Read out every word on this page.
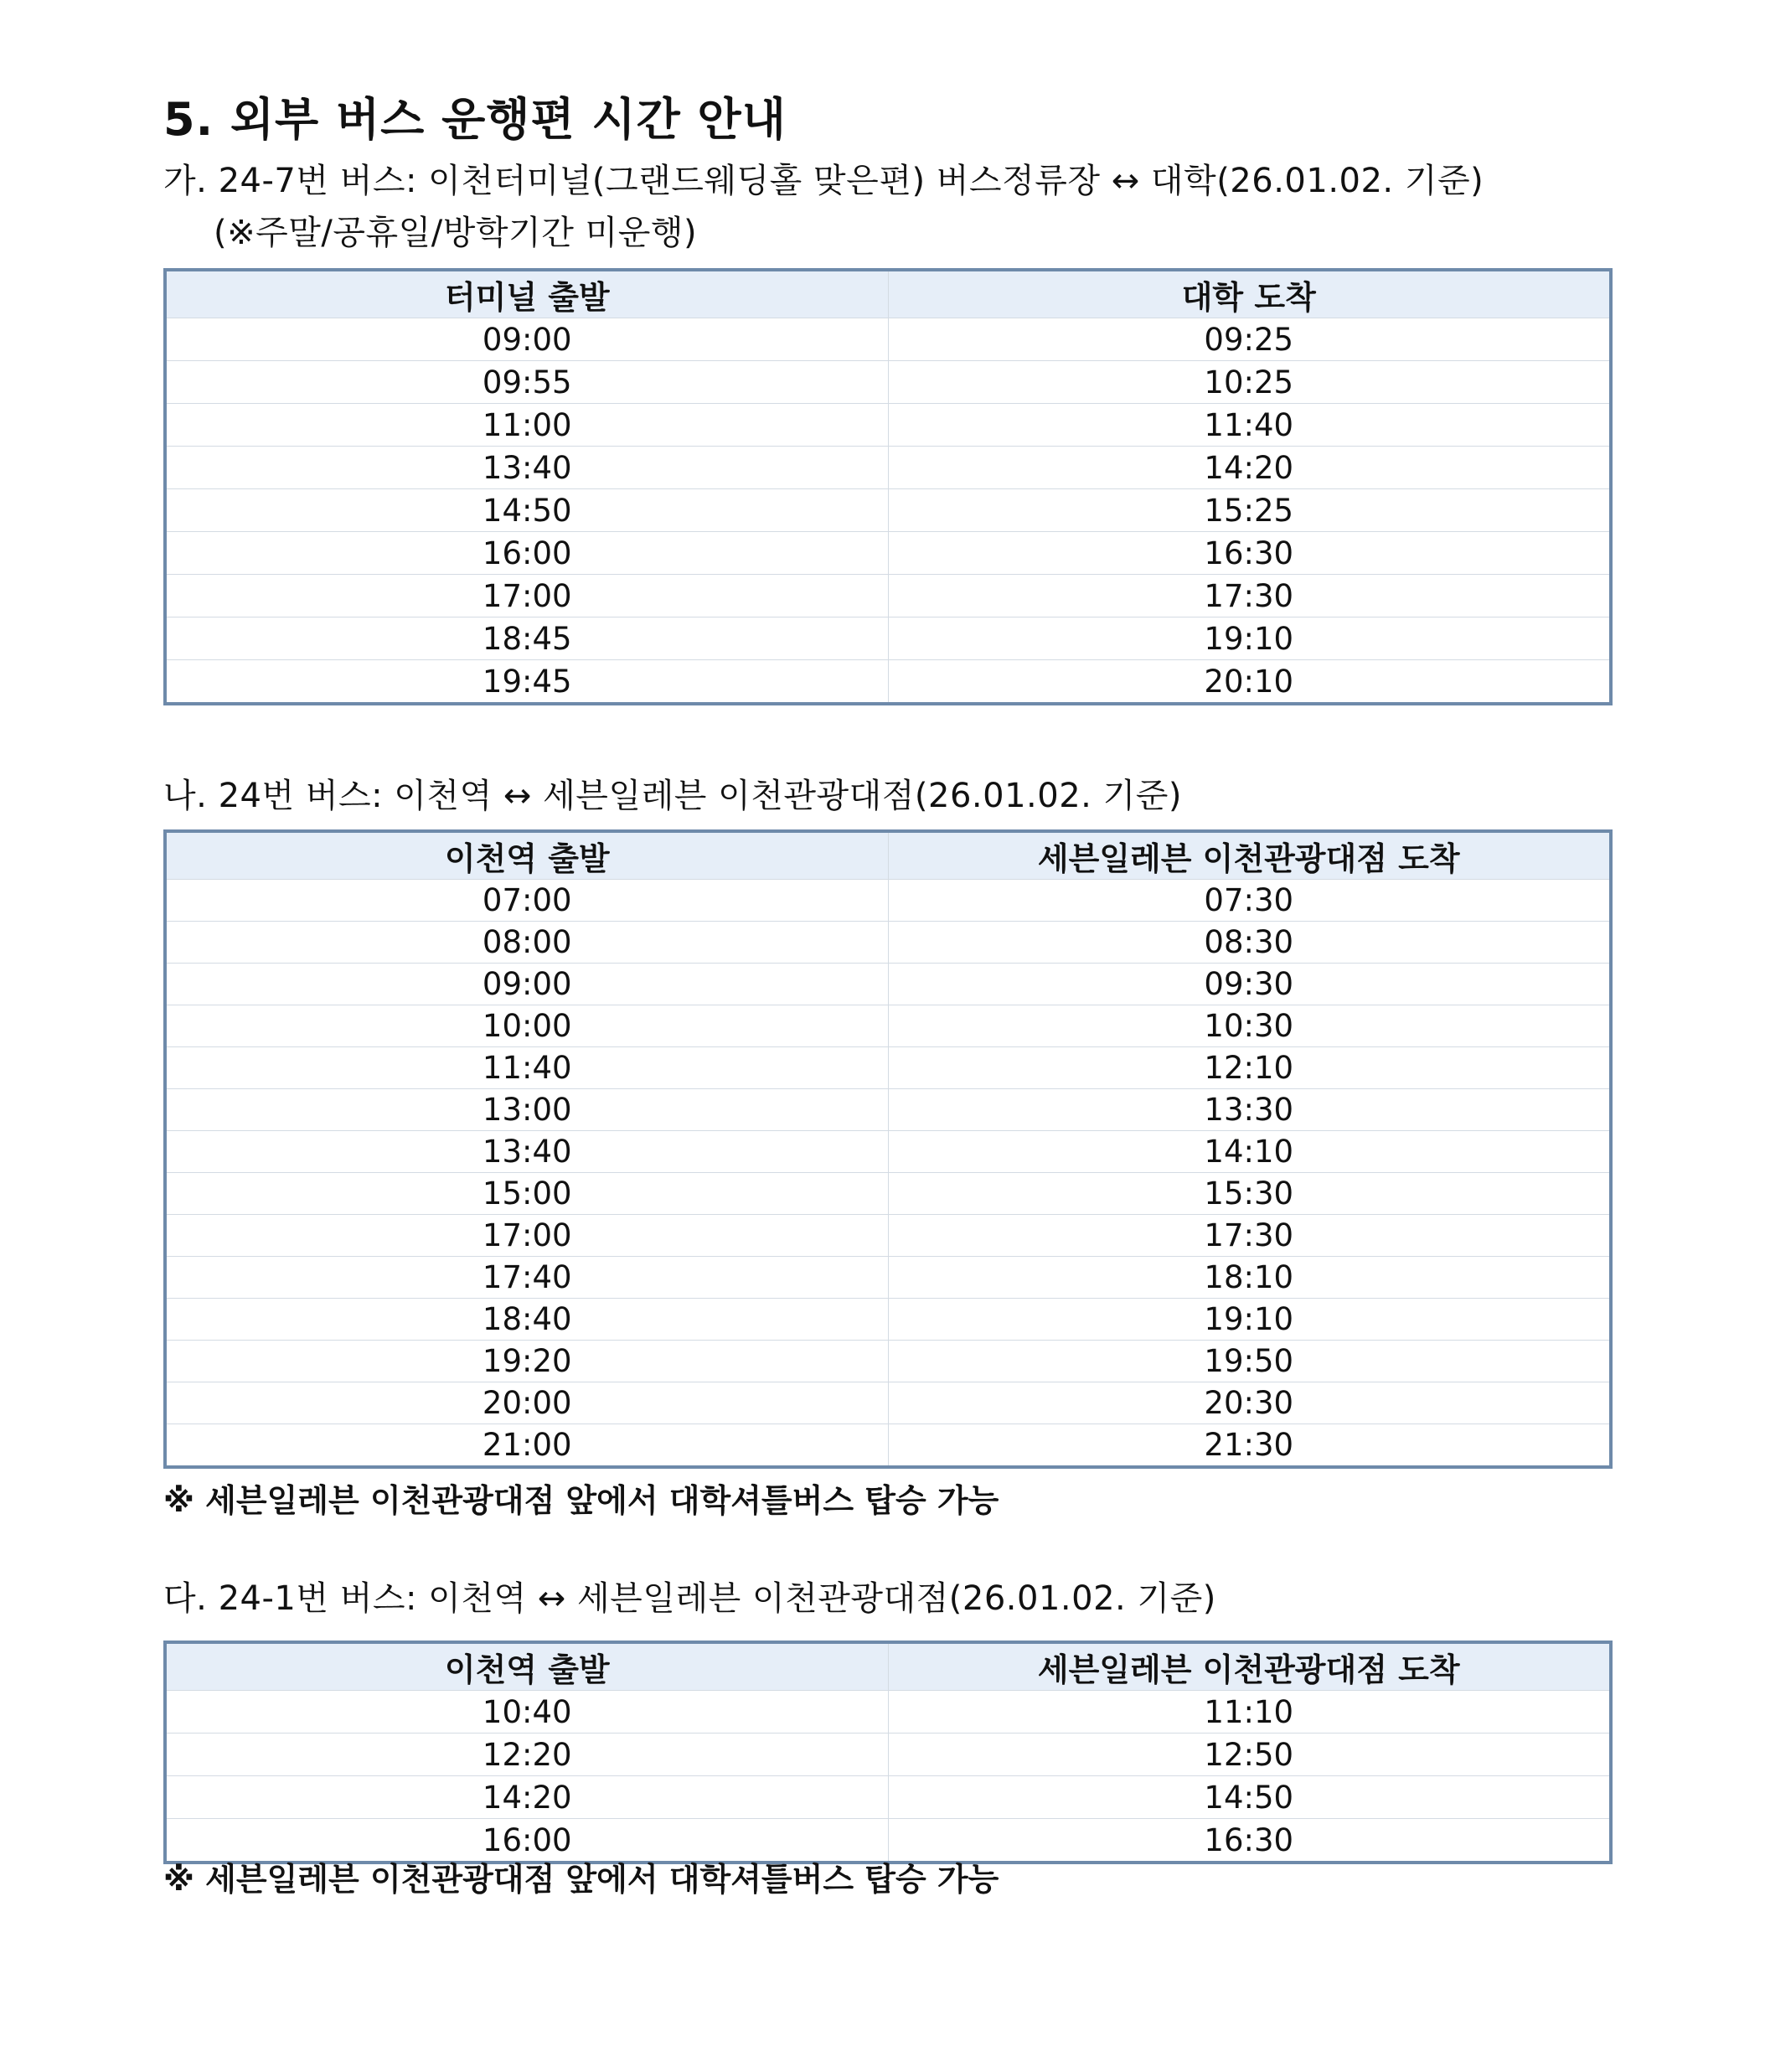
5. 외부 버스 운행편 시간 안내
가. 24-7번 버스: 이천터미널(그랜드웨딩홀 맞은편) 버스정류장 ↔ 대학(26.01.02. 기준)
(※주말/공휴일/방학기간 미운행)
터미널 출발	대학 도착
09:00	09:25
09:55	10:25
11:00	11:40
13:40	14:20
14:50	15:25
16:00	16:30
17:00	17:30
18:45	19:10
19:45	20:10
나. 24번 버스: 이천역 ↔ 세븐일레븐 이천관광대점(26.01.02. 기준)
이천역 출발	세븐일레븐 이천관광대점 도착
07:00	07:30
08:00	08:30
09:00	09:30
10:00	10:30
11:40	12:10
13:00	13:30
13:40	14:10
15:00	15:30
17:00	17:30
17:40	18:10
18:40	19:10
19:20	19:50
20:00	20:30
21:00	21:30
※ 세븐일레븐 이천관광대점 앞에서 대학셔틀버스 탑승 가능
다. 24-1번 버스: 이천역 ↔ 세븐일레븐 이천관광대점(26.01.02. 기준)
이천역 출발	세븐일레븐 이천관광대점 도착
10:40	11:10
12:20	12:50
14:20	14:50
16:00	16:30
※ 세븐일레븐 이천관광대점 앞에서 대학셔틀버스 탑승 가능
